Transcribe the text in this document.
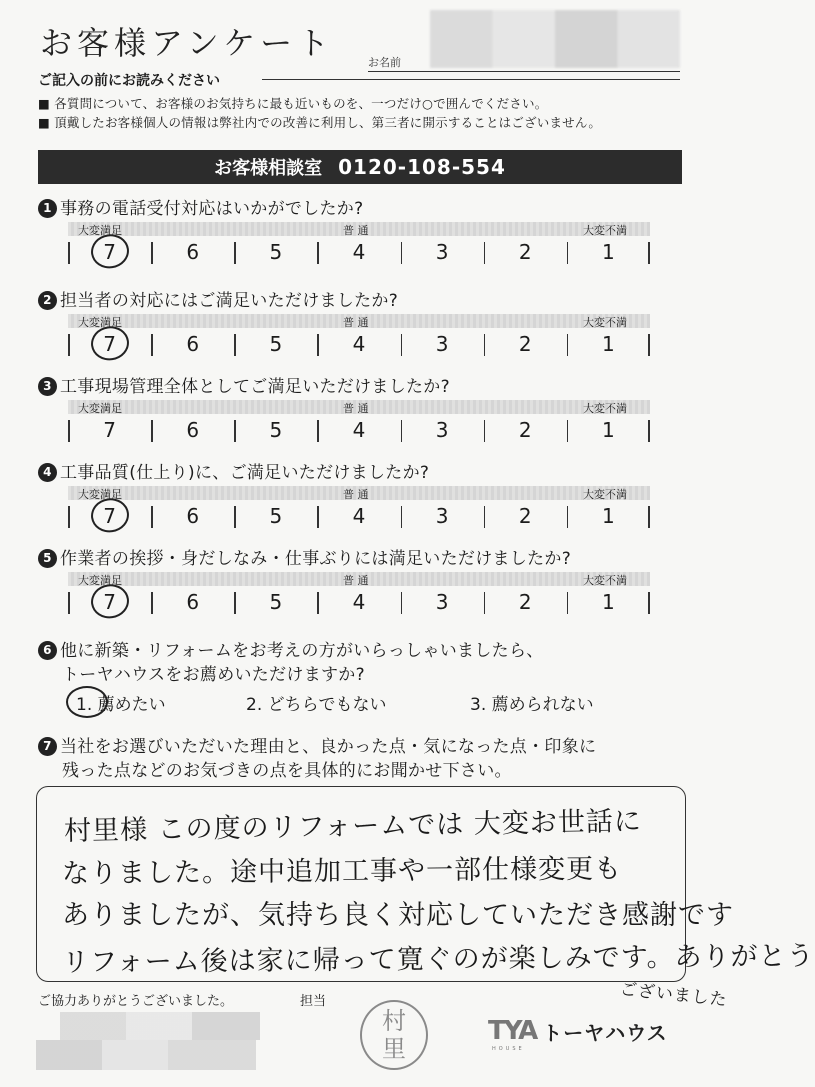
お客様アンケート
お名前
ご記入の前にお読みください
■ 各質問について、お客様のお気持ちに最も近いものを、一つだけ○で囲んでください。
■ 頂戴したお客様個人の情報は弊社内での改善に利用し、第三者に開示することはございません。
お客様相談室 0120-108-554
1 事務の電話受付対応はいかがでしたか?
大変満足	普 通	大変不満
7	6	5	4	3	2	1
2 担当者の対応にはご満足いただけましたか?
大変満足	普 通	大変不満
7	6	5	4	3	2	1
3 工事現場管理全体としてご満足いただけましたか?
大変満足	普 通	大変不満
7	6	5	4	3	2	1
4 工事品質(仕上り)に、ご満足いただけましたか?
大変満足	普 通	大変不満
7	6	5	4	3	2	1
5 作業者の挨拶・身だしなみ・仕事ぶりには満足いただけましたか?
大変満足	普 通	大変不満
7	6	5	4	3	2	1
6 他に新築・リフォームをお考えの方がいらっしゃいましたら、
トーヤハウスをお薦めいただけますか?
1. 薦めたい	2. どちらでもない	3. 薦められない
7 当社をお選びいただいた理由と、良かった点・気になった点・印象に
残った点などのお気づきの点を具体的にお聞かせ下さい。
村里様 この度のリフォームでは 大変お世話に
なりました。途中追加工事や一部仕様変更も
ありましたが、気持ち良く対応していただき感謝です
リフォーム後は家に帰って寛ぐのが楽しみです。ありがとう
ございました
ご協力ありがとうございました。	担当
村
里
TYA
HOUSE
トーヤハウス
